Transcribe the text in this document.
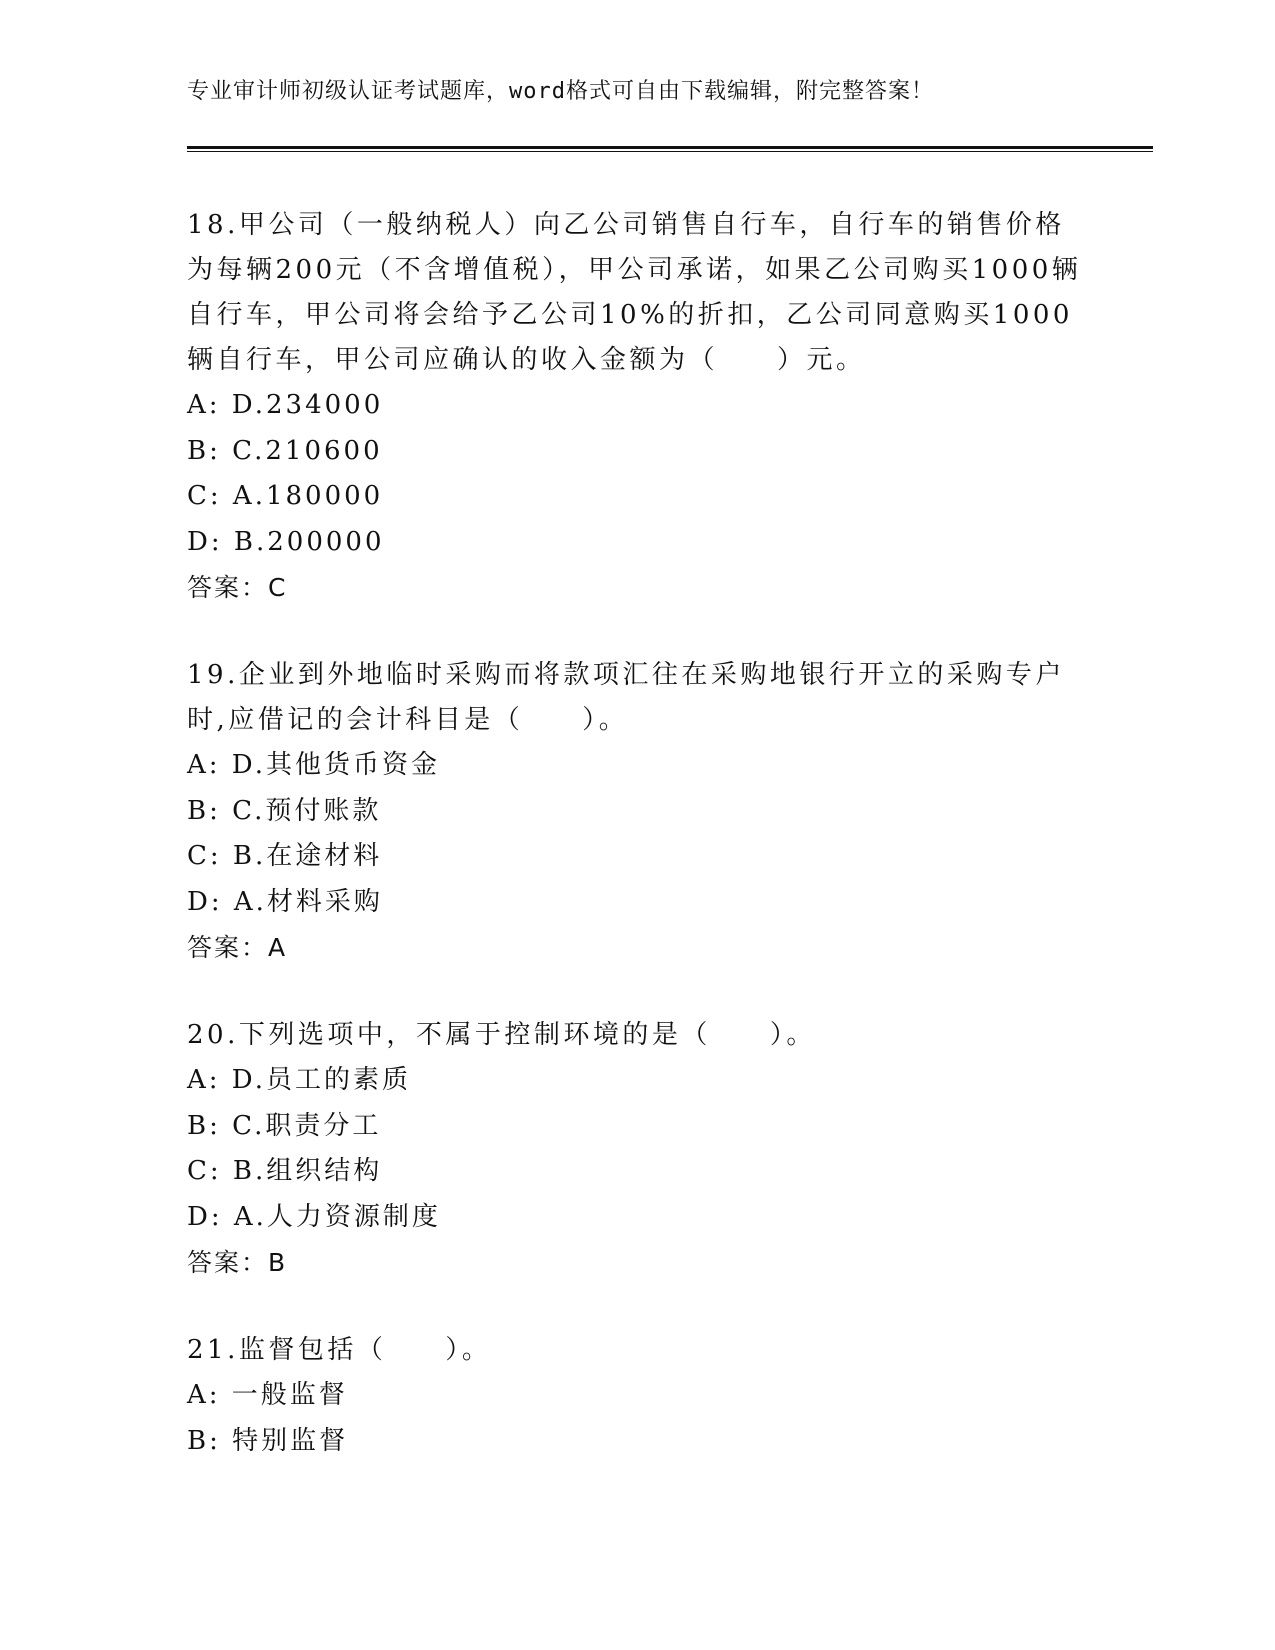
专业审计师初级认证考试题库，word格式可自由下载编辑，附完整答案！
18.甲公司（一般纳税人）向乙公司销售自行车，自行车的销售价格为每辆200元（不含增值税），甲公司承诺，如果乙公司购买1000辆自行车，甲公司将会给予乙公司10%的折扣，乙公司同意购买1000辆自行车，甲公司应确认的收入金额为（　　）元。
A: D.234000
B: C.210600
C: A.180000
D: B.200000
答案：C
19.企业到外地临时采购而将款项汇往在采购地银行开立的采购专户时,应借记的会计科目是（　　）。
A: D.其他货币资金
B: C.预付账款
C: B.在途材料
D: A.材料采购
答案：A
20.下列选项中，不属于控制环境的是（　　）。
A: D.员工的素质
B: C.职责分工
C: B.组织结构
D: A.人力资源制度
答案：B
21.监督包括（　　）。
A: 一般监督
B: 特别监督
